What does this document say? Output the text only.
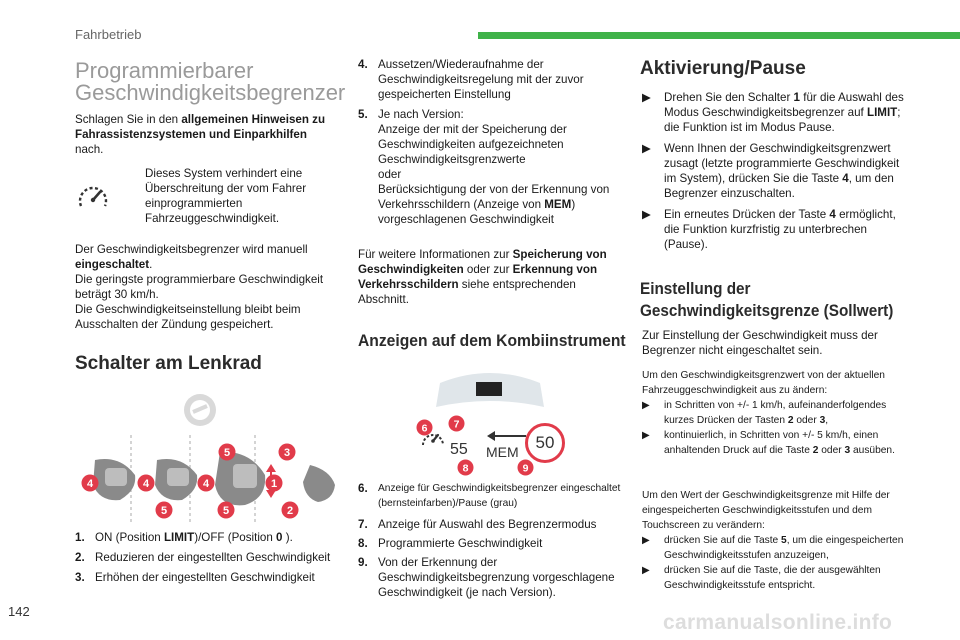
Fahrbetrieb
142	carmanualsonline.info
Programmierbarer Geschwindigkeitsbegrenzer
Schlagen Sie in den allgemeinen Hinweisen zu Fahrassistenzsystemen und Einparkhilfen nach.
Dieses System verhindert eine Überschreitung der vom Fahrer einprogrammierten Fahrzeuggeschwindigkeit.
Der Geschwindigkeitsbegrenzer wird manuell eingeschaltet.
Die geringste programmierbare Geschwindigkeit beträgt 30 km/h.
Die Geschwindigkeitseinstellung bleibt beim Ausschalten der Zündung gespeichert.
Schalter am Lenkrad
4	4	4
5	3
1
5	5	2
1. ON (Position LIMIT)/OFF (Position 0 ).
2. Reduzieren der eingestellten Geschwindigkeit
3. Erhöhen der eingestellten Geschwindigkeit
4. Aussetzen/Wiederaufnahme der Geschwindigkeitsregelung mit der zuvor gespeicherten Einstellung
5. Je nach Version:
Anzeige der mit der Speicherung der Geschwindigkeiten aufgezeichneten Geschwindigkeitsgrenzwerte
oder
Berücksichtigung der von der Erkennung von Verkehrsschildern (Anzeige von MEM) vorgeschlagenen Geschwindigkeit
Für weitere Informationen zur Speicherung von Geschwindigkeiten oder zur Erkennung von Verkehrsschildern siehe entsprechenden Abschnitt.
Anzeigen auf dem Kombiinstrument
55 MEM 50
6 7
8	9
6. Anzeige für Geschwindigkeitsbegrenzer eingeschaltet (bernsteinfarben)/Pause (grau)
7. Anzeige für Auswahl des Begrenzermodus
8. Programmierte Geschwindigkeit
9. Von der Erkennung der Geschwindigkeitsbegrenzung vorgeschlagene Geschwindigkeit (je nach Version).
Aktivierung/Pause
▶︎ Drehen Sie den Schalter 1 für die Auswahl des Modus Geschwindigkeitsbegrenzer auf LIMIT; die Funktion ist im Modus Pause.
▶︎ Wenn Ihnen der Geschwindigkeitsgrenzwert zusagt (letzte programmierte Geschwindigkeit im System), drücken Sie die Taste 4, um den Begrenzer einzuschalten.
▶︎ Ein erneutes Drücken der Taste 4 ermöglicht, die Funktion kurzfristig zu unterbrechen (Pause).
Einstellung der Geschwindigkeitsgrenze (Sollwert)
Zur Einstellung der Geschwindigkeit muss der Begrenzer nicht eingeschaltet sein.
Um den Geschwindigkeitsgrenzwert von der aktuellen Fahrzeuggeschwindigkeit aus zu ändern:
▶︎ in Schritten von +/- 1 km/h, aufeinanderfolgendes kurzes Drücken der Tasten 2 oder 3,
▶︎ kontinuierlich, in Schritten von +/- 5 km/h, einen anhaltenden Druck auf die Taste 2 oder 3 ausüben.
Um den Wert der Geschwindigkeitsgrenze mit Hilfe der eingespeicherten Geschwindigkeitsstufen und dem Touchscreen zu verändern:
▶︎ drücken Sie auf die Taste 5, um die eingespeicherten Geschwindigkeitsstufen anzuzeigen,
▶︎ drücken Sie auf die Taste, die der ausgewählten Geschwindigkeitsstufe entspricht.
